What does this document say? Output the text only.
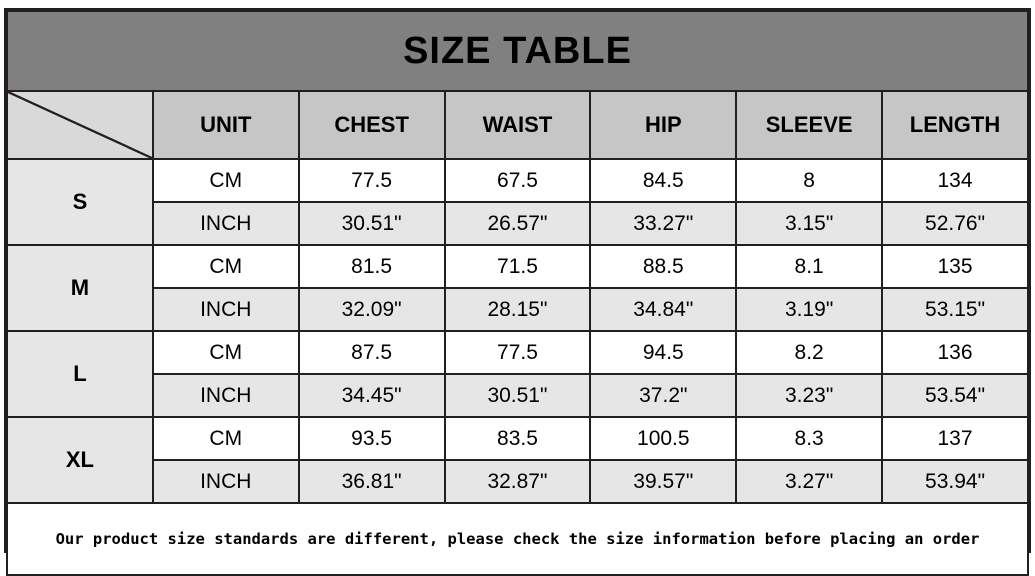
SIZE TABLE						

	UNIT	CHEST	WAIST	HIP	SLEEVE	LENGTH
S	CM	77.5	67.5	84.5	8	134
	INCH	30.51"	26.57"	33.27"	3.15"	52.76"
M	CM	81.5	71.5	88.5	8.1	135
	INCH	32.09"	28.15"	34.84"	3.19"	53.15"
L	CM	87.5	77.5	94.5	8.2	136
	INCH	34.45"	30.51"	37.2"	3.23"	53.54"
XL	CM	93.5	83.5	100.5	8.3	137
	INCH	36.81"	32.87"	39.57"	3.27"	53.94"
Our product size standards are different, please check the size information before placing an order						
